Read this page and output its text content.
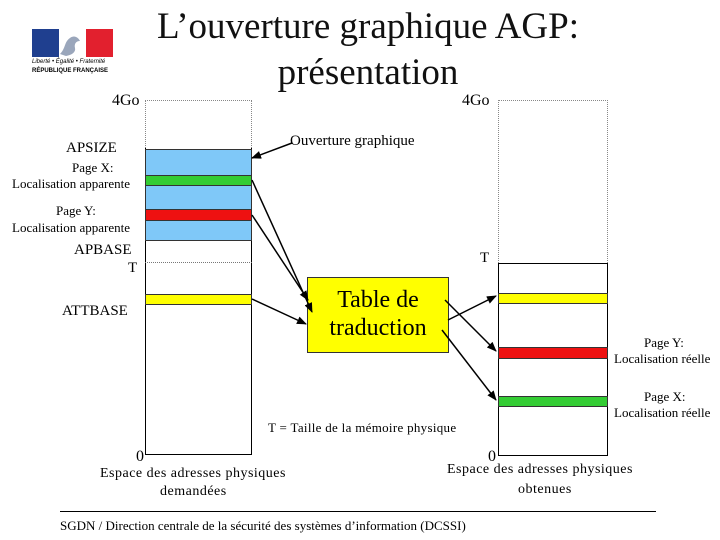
Liberté • Égalité • Fraternité
RÉPUBLIQUE FRANÇAISE
L’ouverture graphique AGP: présentation
4Go
APSIZE
Page X:
Localisation apparente
Page Y:
Localisation apparente
APBASE
T
ATTBASE
0
Espace des adresses physiques
demandées
Ouverture graphique
Table de
traduction
T = Taille de la mémoire physique
4Go
T
Page Y:
Localisation réelle
Page X:
Localisation réelle
0
Espace des adresses physiques
obtenues
SGDN / Direction centrale de la sécurité des systèmes d’information (DCSSI)
